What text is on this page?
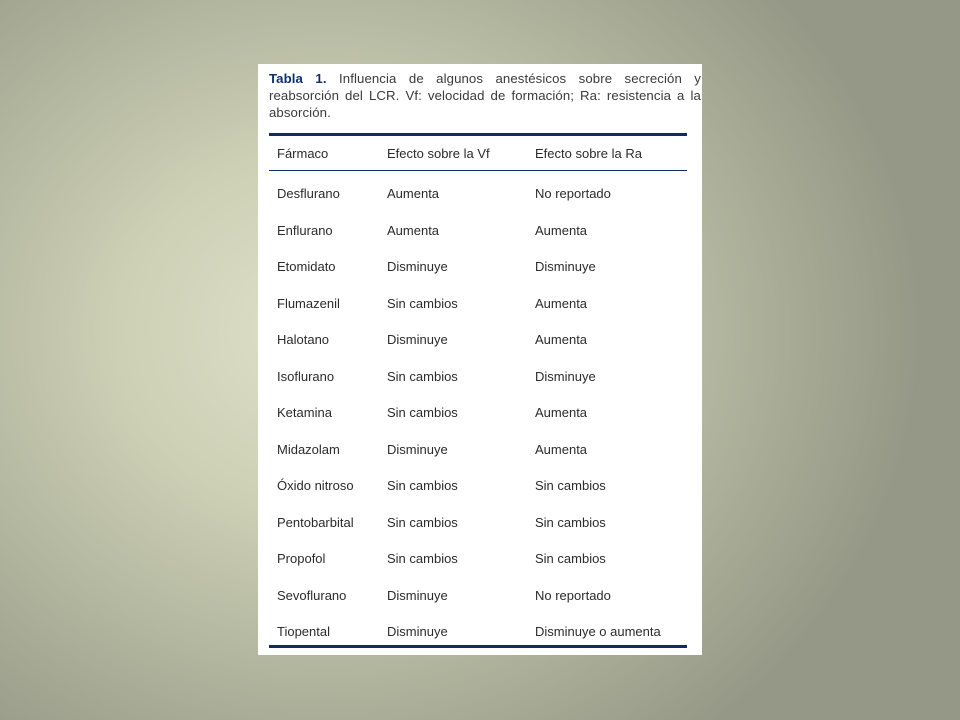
Tabla 1. Influencia de algunos anestésicos sobre secreción y reabsorción del LCR. Vf: velocidad de formación; Ra: resistencia a la absorción.
Fármaco	Efecto sobre la Vf	Efecto sobre la Ra
Desflurano	Aumenta	No reportado
Enflurano	Aumenta	Aumenta
Etomidato	Disminuye	Disminuye
Flumazenil	Sin cambios	Aumenta
Halotano	Disminuye	Aumenta
Isoflurano	Sin cambios	Disminuye
Ketamina	Sin cambios	Aumenta
Midazolam	Disminuye	Aumenta
Óxido nitroso	Sin cambios	Sin cambios
Pentobarbital	Sin cambios	Sin cambios
Propofol	Sin cambios	Sin cambios
Sevoflurano	Disminuye	No reportado
Tiopental	Disminuye	Disminuye o aumenta
